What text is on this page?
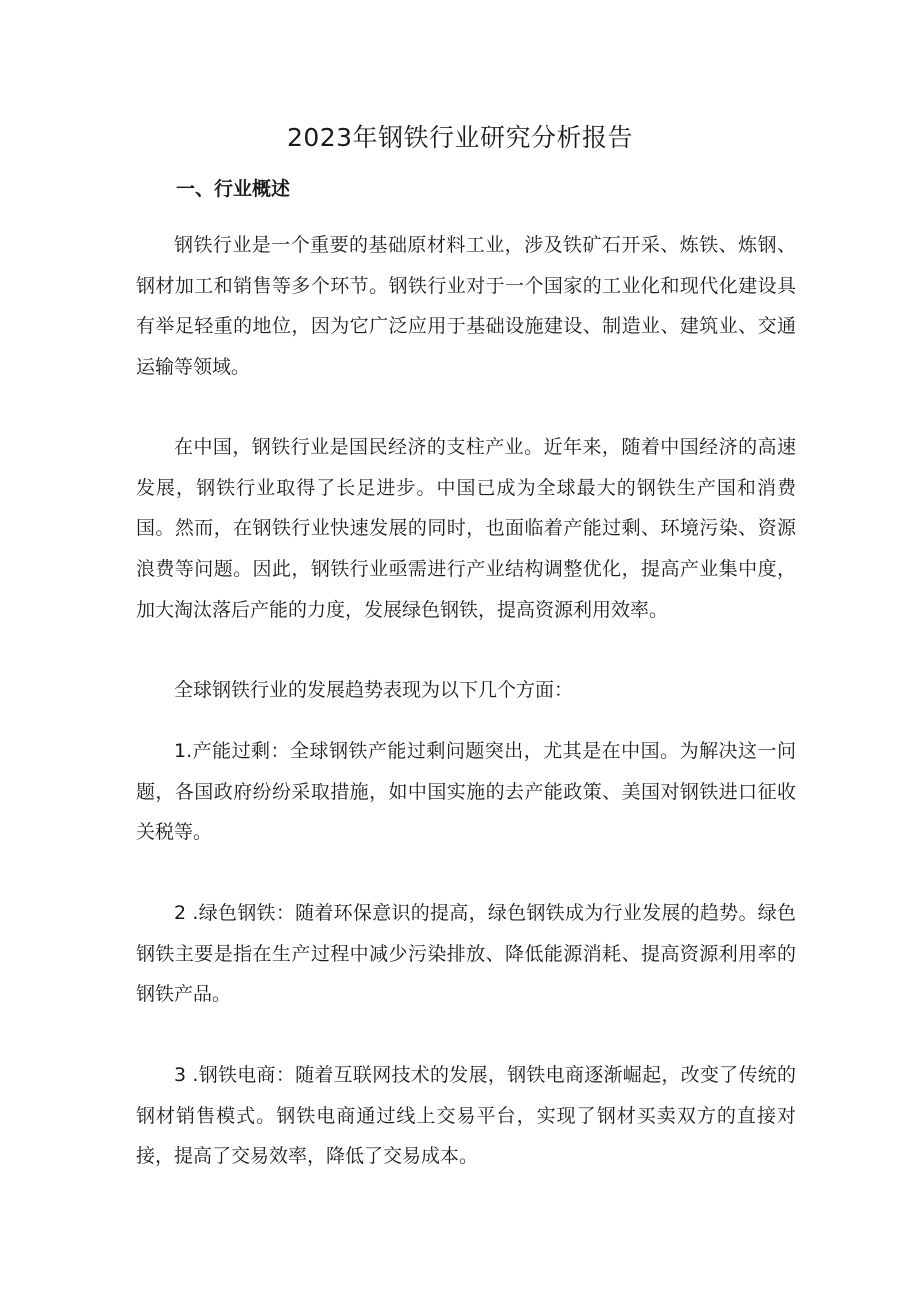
2023年钢铁行业研究分析报告
一、行业概述

钢铁行业是一个重要的基础原材料工业，涉及铁矿石开采、炼铁、炼钢、钢材加工和销售等多个环节。钢铁行业对于一个国家的工业化和现代化建设具有举足轻重的地位，因为它广泛应用于基础设施建设、制造业、建筑业、交通运输等领域。

在中国，钢铁行业是国民经济的支柱产业。近年来，随着中国经济的高速发展，钢铁行业取得了长足进步。中国已成为全球最大的钢铁生产国和消费国。然而，在钢铁行业快速发展的同时，也面临着产能过剩、环境污染、资源浪费等问题。因此，钢铁行业亟需进行产业结构调整优化，提高产业集中度，加大淘汰落后产能的力度，发展绿色钢铁，提高资源利用效率。

全球钢铁行业的发展趋势表现为以下几个方面：

1.产能过剩：全球钢铁产能过剩问题突出，尤其是在中国。为解决这一问题，各国政府纷纷采取措施，如中国实施的去产能政策、美国对钢铁进口征收关税等。

2 .绿色钢铁：随着环保意识的提高，绿色钢铁成为行业发展的趋势。绿色钢铁主要是指在生产过程中减少污染排放、降低能源消耗、提高资源利用率的钢铁产品。

3 .钢铁电商：随着互联网技术的发展，钢铁电商逐渐崛起，改变了传统的钢材销售模式。钢铁电商通过线上交易平台，实现了钢材买卖双方的直接对接，提高了交易效率，降低了交易成本。
